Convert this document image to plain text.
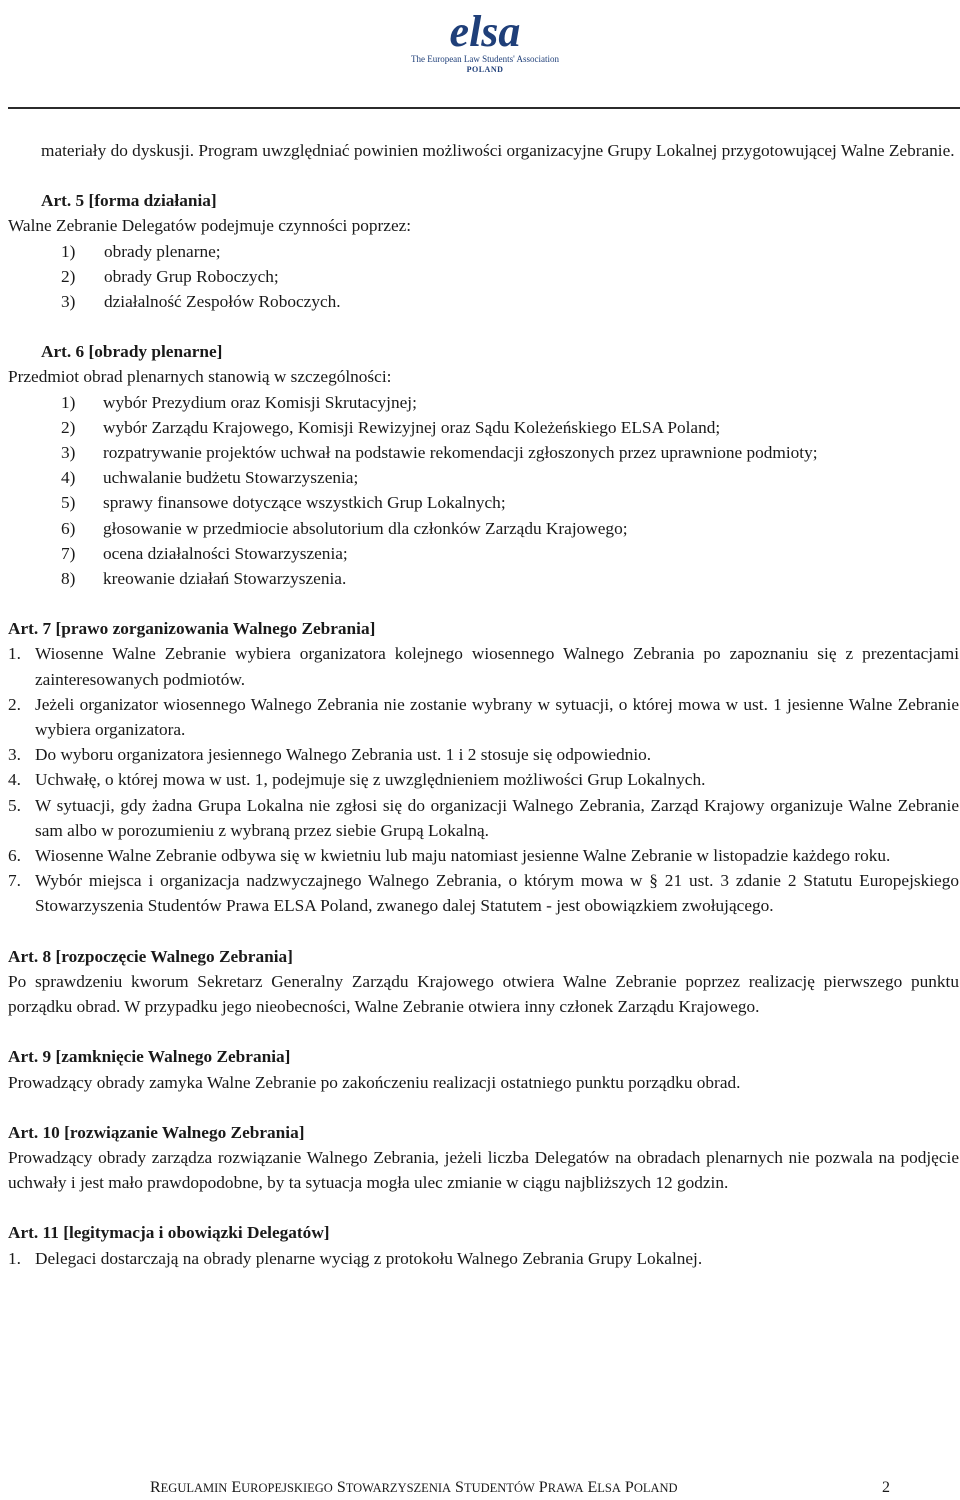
elsa
The European Law Students' Association
POLAND

materiały do dyskusji. Program uwzględniać powinien możliwości organizacyjne Grupy Lokalnej przygotowującej Walne Zebranie.

Art. 5 [forma działania]
Walne Zebranie Delegatów podejmuje czynności poprzez:
1) obrady plenarne;
2) obrady Grup Roboczych;
3) działalność Zespołów Roboczych.
Art. 6 [obrady plenarne]
Przedmiot obrad plenarnych stanowią w szczególności:
1) wybór Prezydium oraz Komisji Skrutacyjnej;
2) wybór Zarządu Krajowego, Komisji Rewizyjnej oraz Sądu Koleżeńskiego ELSA Poland;
3) rozpatrywanie projektów uchwał na podstawie rekomendacji zgłoszonych przez uprawnione podmioty;
4) uchwalanie budżetu Stowarzyszenia;
5) sprawy finansowe dotyczące wszystkich Grup Lokalnych;
6) głosowanie w przedmiocie absolutorium dla członków Zarządu Krajowego;
7) ocena działalności Stowarzyszenia;
8) kreowanie działań Stowarzyszenia.
Art. 7 [prawo zorganizowania Walnego Zebrania]
1. Wiosenne Walne Zebranie wybiera organizatora kolejnego wiosennego Walnego Zebrania po zapoznaniu się z prezentacjami zainteresowanych podmiotów.
2. Jeżeli organizator wiosennego Walnego Zebrania nie zostanie wybrany w sytuacji, o której mowa w ust. 1 jesienne Walne Zebranie wybiera organizatora.
3. Do wyboru organizatora jesiennego Walnego Zebrania ust. 1 i 2 stosuje się odpowiednio.
4. Uchwałę, o której mowa w ust. 1, podejmuje się z uwzględnieniem możliwości Grup Lokalnych.
5. W sytuacji, gdy żadna Grupa Lokalna nie zgłosi się do organizacji Walnego Zebrania, Zarząd Krajowy organizuje Walne Zebranie sam albo w porozumieniu z wybraną przez siebie Grupą Lokalną.
6. Wiosenne Walne Zebranie odbywa się w kwietniu lub maju natomiast jesienne Walne Zebranie w listopadzie każdego roku.
7. Wybór miejsca i organizacja nadzwyczajnego Walnego Zebrania, o którym mowa w § 21 ust. 3 zdanie 2 Statutu Europejskiego Stowarzyszenia Studentów Prawa ELSA Poland, zwanego dalej Statutem - jest obowiązkiem zwołującego.
Art. 8 [rozpoczęcie Walnego Zebrania]

Po sprawdzeniu kworum Sekretarz Generalny Zarządu Krajowego otwiera Walne Zebranie poprzez realizację pierwszego punktu porządku obrad. W przypadku jego nieobecności, Walne Zebranie otwiera inny członek Zarządu Krajowego.

Art. 9 [zamknięcie Walnego Zebrania]

Prowadzący obrady zamyka Walne Zebranie po zakończeniu realizacji ostatniego punktu porządku obrad.

Art. 10 [rozwiązanie Walnego Zebrania]

Prowadzący obrady zarządza rozwiązanie Walnego Zebrania, jeżeli liczba Delegatów na obradach plenarnych nie pozwala na podjęcie uchwały i jest mało prawdopodobne, by ta sytuacja mogła ulec zmianie w ciągu najbliższych 12 godzin.

Art. 11 [legitymacja i obowiązki Delegatów]
1. Delegaci dostarczają na obrady plenarne wyciąg z protokołu Walnego Zebrania Grupy Lokalnej.
REGULAMIN EUROPEJSKIEGO STOWARZYSZENIA STUDENTÓW PRAWA ELSA POLAND	2
